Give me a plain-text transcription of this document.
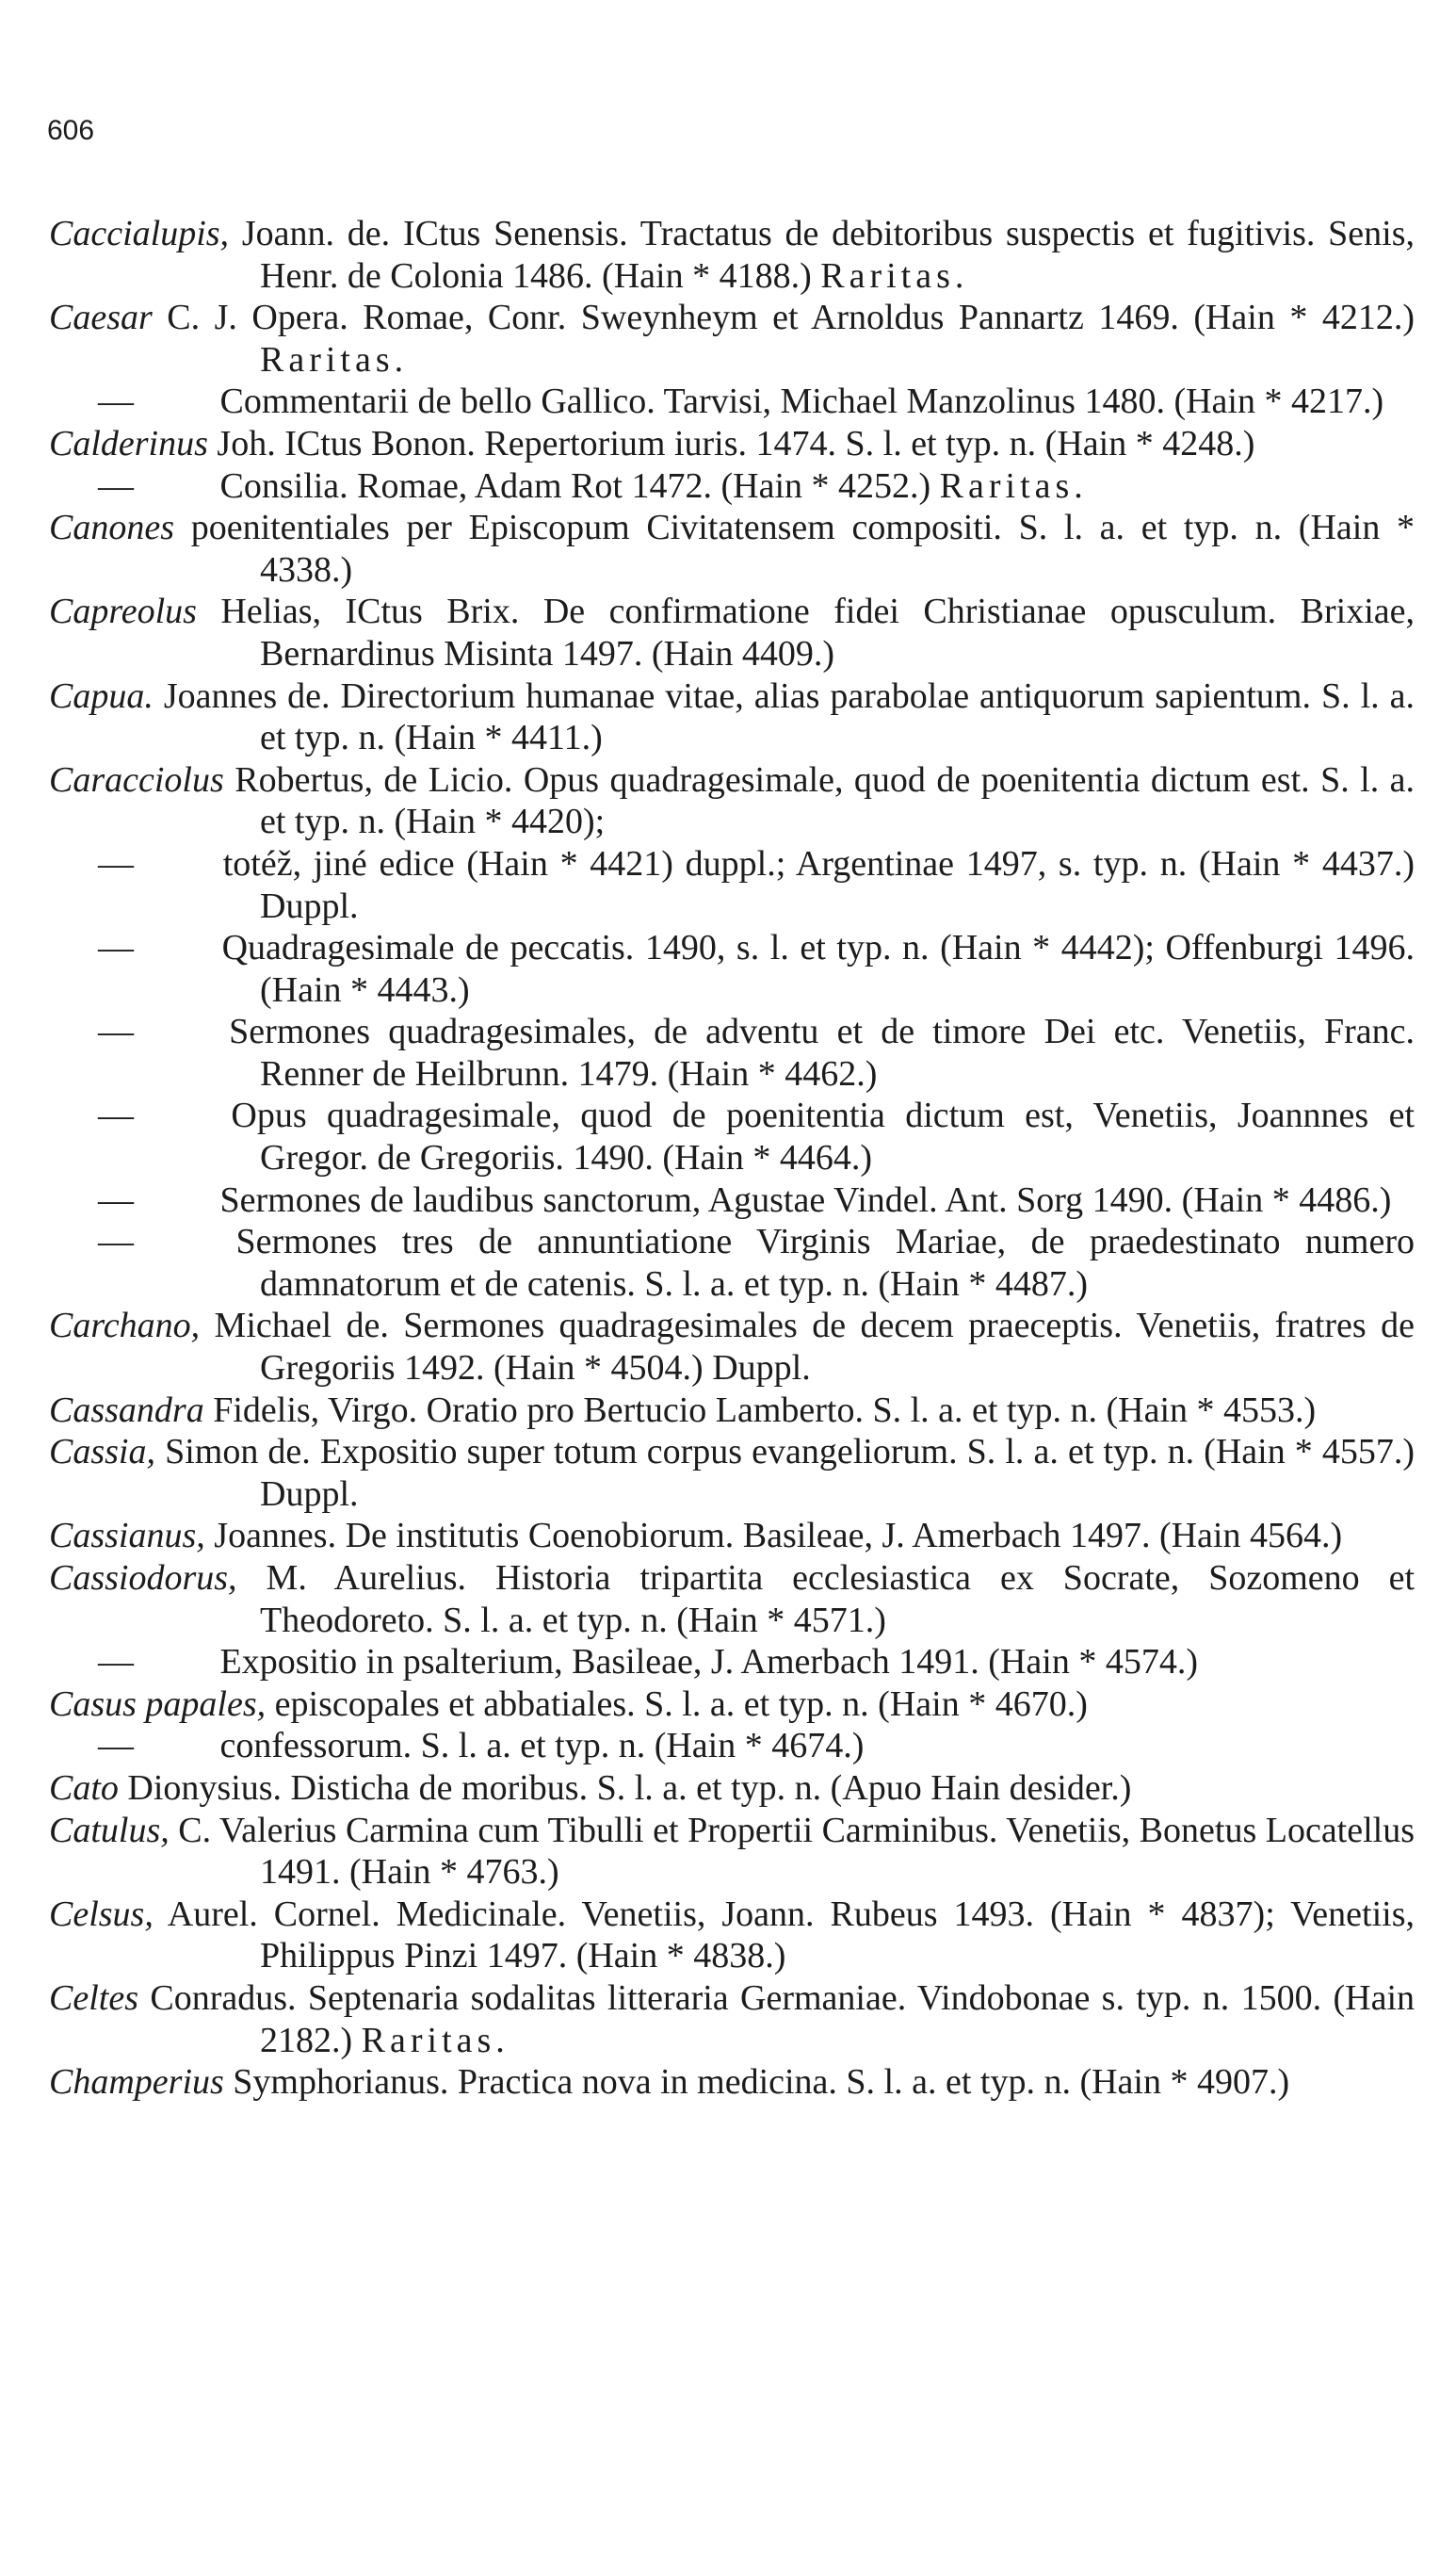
606
Caccialupis, Joann. de. ICtus Senensis. Tractatus de debitoribus suspectis et fugitivis. Senis, Henr. de Colonia 1486. (Hain * 4188.) Raritas.
Caesar C. J. Opera. Romae, Conr. Sweynheym et Arnoldus Pannartz 1469. (Hain * 4212.) Raritas.
— Commentarii de bello Gallico. Tarvisi, Michael Manzolinus 1480. (Hain * 4217.)
Calderinus Joh. ICtus Bonon. Repertorium iuris. 1474. S. l. et typ. n. (Hain * 4248.)
— Consilia. Romae, Adam Rot 1472. (Hain * 4252.) Raritas.
Canones poenitentiales per Episcopum Civitatensem compositi. S. l. a. et typ. n. (Hain * 4338.)
Capreolus Helias, ICtus Brix. De confirmatione fidei Christianae opusculum. Brixiae, Bernardinus Misinta 1497. (Hain 4409.)
Capua. Joannes de. Directorium humanae vitae, alias parabolae antiquorum sapientum. S. l. a. et typ. n. (Hain * 4411.)
Caracciolus Robertus, de Licio. Opus quadragesimale, quod de poenitentia dictum est. S. l. a. et typ. n. (Hain * 4420);
— totéž, jiné edice (Hain * 4421) duppl.; Argentinae 1497, s. typ. n. (Hain * 4437.) Duppl.
— Quadragesimale de peccatis. 1490, s. l. et typ. n. (Hain * 4442); Offenburgi 1496. (Hain * 4443.)
—	Sermones quadragesimales, de adventu et de timore Dei etc. Venetiis, Franc. Renner de Heilbrunn. 1479. (Hain * 4462.)
—	Opus quadragesimale, quod de poenitentia dictum est, Venetiis, Joannnes et Gregor. de Gregoriis. 1490. (Hain * 4464.)
— Sermones de laudibus sanctorum, Agustae Vindel. Ant. Sorg 1490. (Hain * 4486.)
—	Sermones tres de annuntiatione Virginis Mariae, de praedestinato numero damnatorum et de catenis. S. l. a. et typ. n. (Hain * 4487.)
Carchano, Michael de. Sermones quadragesimales de decem praeceptis. Venetiis, fratres de Gregoriis 1492. (Hain * 4504.) Duppl.
Cassandra Fidelis, Virgo. Oratio pro Bertucio Lamberto. S. l. a. et typ. n. (Hain * 4553.)
Cassia, Simon de. Expositio super totum corpus evangeliorum. S. l. a. et typ. n. (Hain * 4557.) Duppl.
Cassianus, Joannes. De institutis Coenobiorum. Basileae, J. Amerbach 1497. (Hain 4564.)
Cassiodorus, M. Aurelius. Historia tripartita ecclesiastica ex Socrate, Sozomeno et Theodoreto. S. l. a. et typ. n. (Hain * 4571.)
— Expositio in psalterium, Basileae, J. Amerbach 1491. (Hain * 4574.)
Casus papales, episcopales et abbatiales. S. l. a. et typ. n. (Hain * 4670.)
— confessorum. S. l. a. et typ. n. (Hain * 4674.)
Cato Dionysius. Disticha de moribus. S. l. a. et typ. n. (Apuo Hain desider.)
Catulus, C. Valerius Carmina cum Tibulli et Propertii Carminibus. Venetiis, Bonetus Locatellus 1491. (Hain * 4763.)
Celsus, Aurel. Cornel. Medicinale. Venetiis, Joann. Rubeus 1493. (Hain * 4837); Venetiis, Philippus Pinzi 1497. (Hain * 4838.)
Celtes Conradus. Septenaria sodalitas litteraria Germaniae. Vindobonae s. typ. n. 1500. (Hain 2182.) Raritas.
Champerius Symphorianus. Practica nova in medicina. S. l. a. et typ. n. (Hain * 4907.)
